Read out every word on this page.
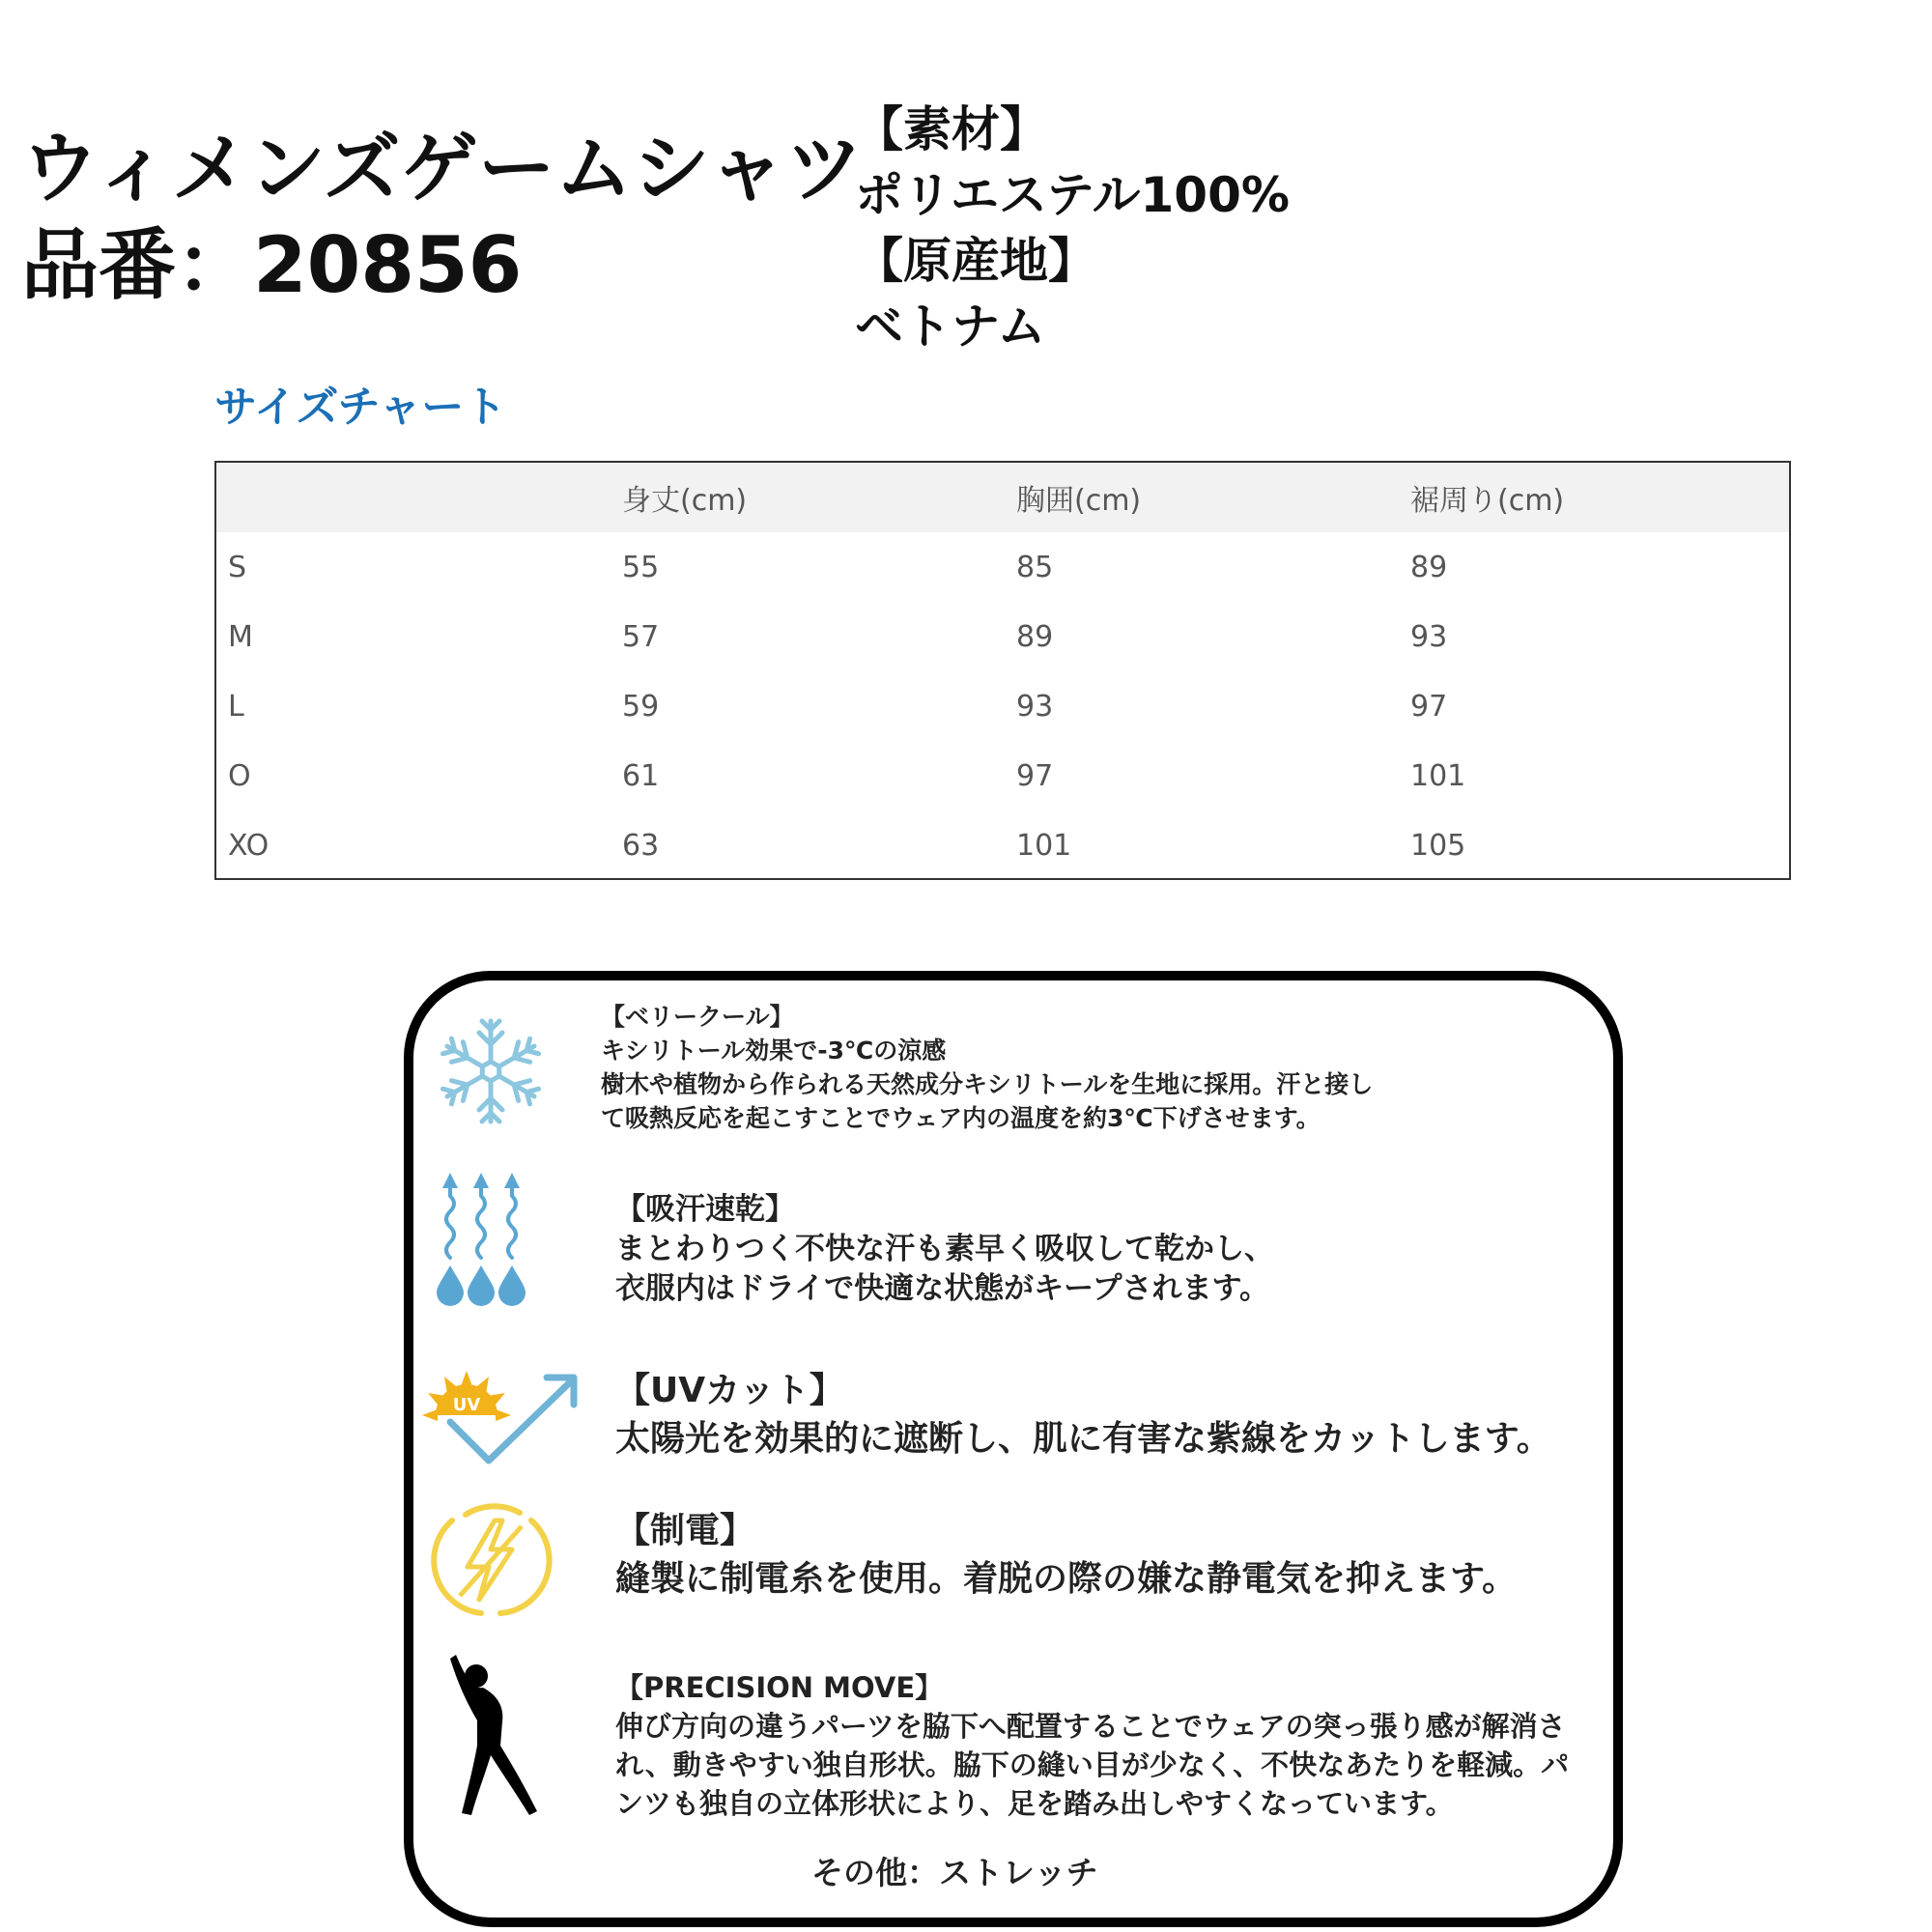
ウィメンズゲームシャツ
品番：20856
【素材】
ポリエステル100%
【原産地】
ベトナム
サイズチャート
	身丈(cm)	胸囲(cm)	裾周り(cm)
S	55	85	89
M	57	89	93
L	59	93	97
O	61	97	101
XO	63	101	105
【ベリークール】
キシリトール効果で-3℃の涼感
樹木や植物から作られる天然成分キシリトールを生地に採用。汗と接し
て吸熱反応を起こすことでウェア内の温度を約3℃下げさせます。
【吸汗速乾】
まとわりつく不快な汗も素早く吸収して乾かし、
衣服内はドライで快適な状態がキープされます。
UV	【UVカット】
太陽光を効果的に遮断し、肌に有害な紫線をカットします。
【制電】
縫製に制電糸を使用。着脱の際の嫌な静電気を抑えます。
【PRECISION MOVE】
伸び方向の違うパーツを脇下へ配置することでウェアの突っ張り感が解消さ
れ、動きやすい独自形状。脇下の縫い目が少なく、不快なあたりを軽減。パ
ンツも独自の立体形状により、足を踏み出しやすくなっています。
その他：ストレッチ
